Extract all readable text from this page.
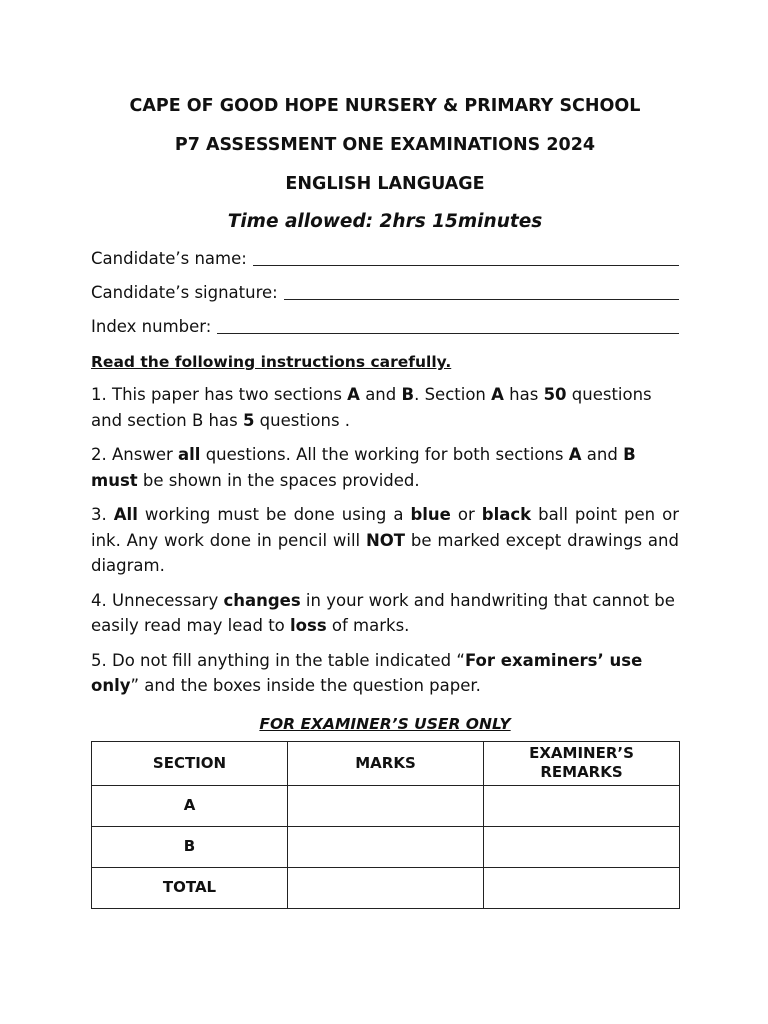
CAPE OF GOOD HOPE NURSERY & PRIMARY SCHOOL

P7 ASSESSMENT ONE EXAMINATIONS 2024

ENGLISH LANGUAGE

Time allowed: 2hrs 15minutes
Candidate’s name:
Candidate’s signature:
Index number:
Read the following instructions carefully.
1. This paper has two sections A and B. Section A has 50 questions and section B has 5 questions .
2. Answer all questions. All the working for both sections A and B must be shown in the spaces provided.
3. All working must be done using a blue or black ball point pen or ink. Any work done in pencil will NOT be marked except drawings and diagram.
4. Unnecessary changes in your work and handwriting that cannot be easily read may lead to loss of marks.
5. Do not fill anything in the table indicated “For examiners’ use only” and the boxes inside the question paper.
FOR EXAMINER’S USER ONLY
SECTION	MARKS	EXAMINER’S REMARKS
A		
B		
TOTAL		
